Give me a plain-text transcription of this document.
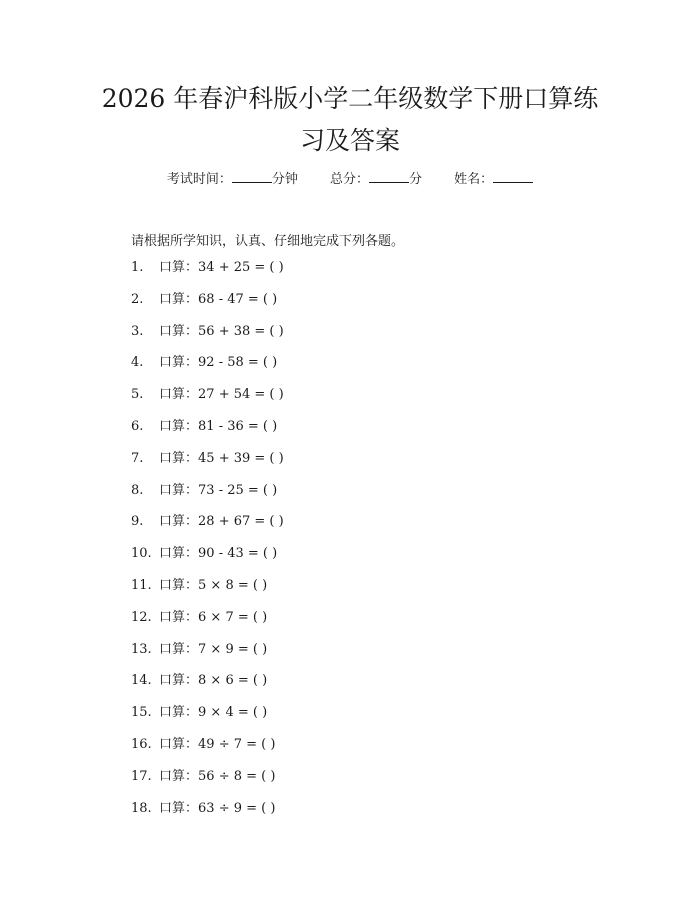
2026 年春沪科版小学二年级数学下册口算练
习及答案
考试时间：	分钟 总分：	分 姓名：
请根据所学知识，认真、仔细地完成下列各题。
1.	口算： 34 + 25 = ( )
2.	口算： 68 - 47 = ( )
3.	口算： 56 + 38 = ( )
4.	口算： 92 - 58 = ( )
5.	口算： 27 + 54 = ( )
6.	口算： 81 - 36 = ( )
7.	口算： 45 + 39 = ( )
8.	口算： 73 - 25 = ( )
9.	口算： 28 + 67 = ( )
10. 口算： 90 - 43 = ( )
11. 口算： 5 × 8 = ( )
12. 口算： 6 × 7 = ( )
13. 口算： 7 × 9 = ( )
14. 口算： 8 × 6 = ( )
15. 口算： 9 × 4 = ( )
16. 口算： 49 ÷ 7 = ( )
17. 口算： 56 ÷ 8 = ( )
18. 口算： 63 ÷ 9 = ( )
